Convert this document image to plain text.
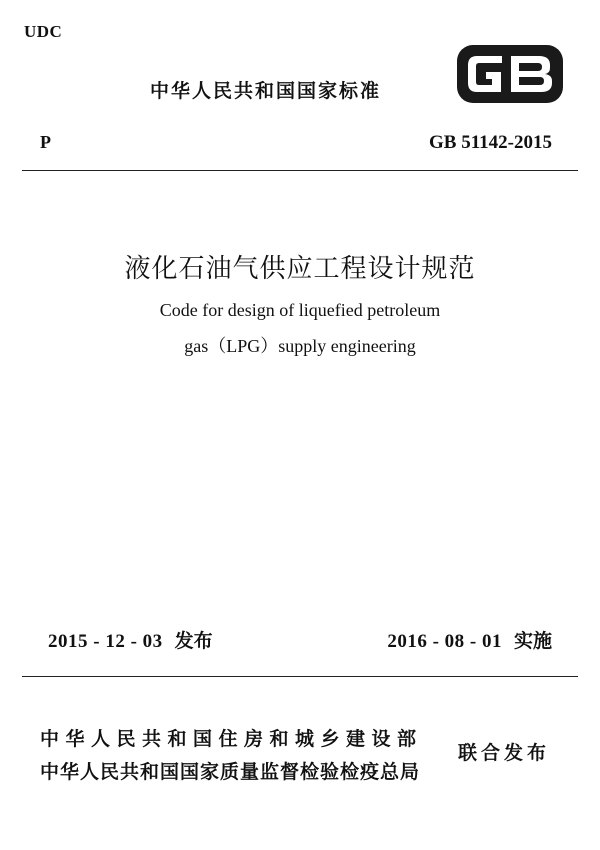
UDC
中华人民共和国国家标准
P	GB 51142-2015
液化石油气供应工程设计规范
Code for design of liquefied petroleum
gas（LPG）supply engineering
2015 - 12 - 03 发布	2016 - 08 - 01 实施
中华人民共和国住房和城乡建设部
中华人民共和国国家质量监督检验检疫总局
联合发布
